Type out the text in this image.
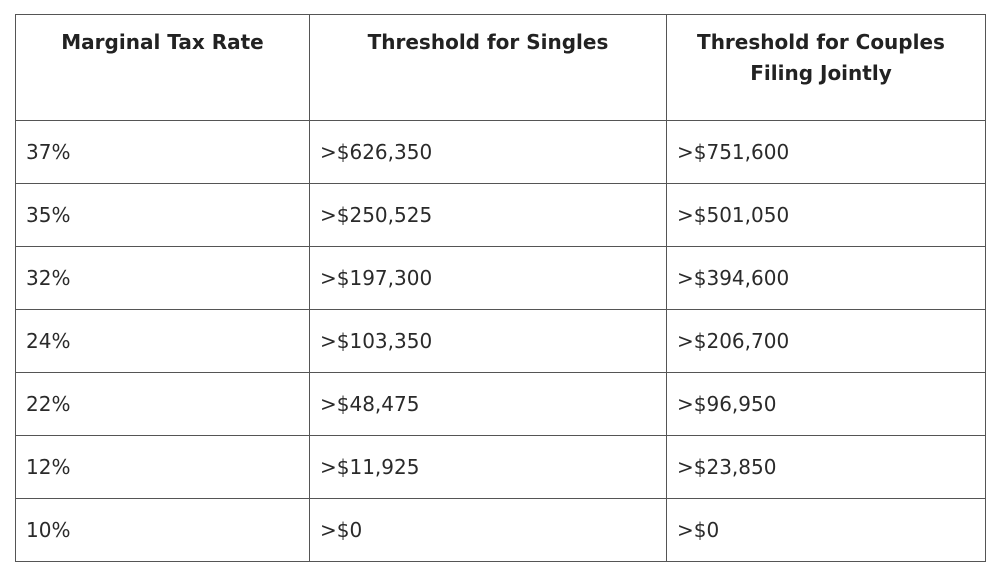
Marginal Tax Rate	Threshold for Singles	Threshold for Couples Filing Jointly

37%	>$626,350	>$751,600
35%	>$250,525	>$501,050
32%	>$197,300	>$394,600
24%	>$103,350	>$206,700
22%	>$48,475	>$96,950
12%	>$11,925	>$23,850
10%	>$0	>$0
